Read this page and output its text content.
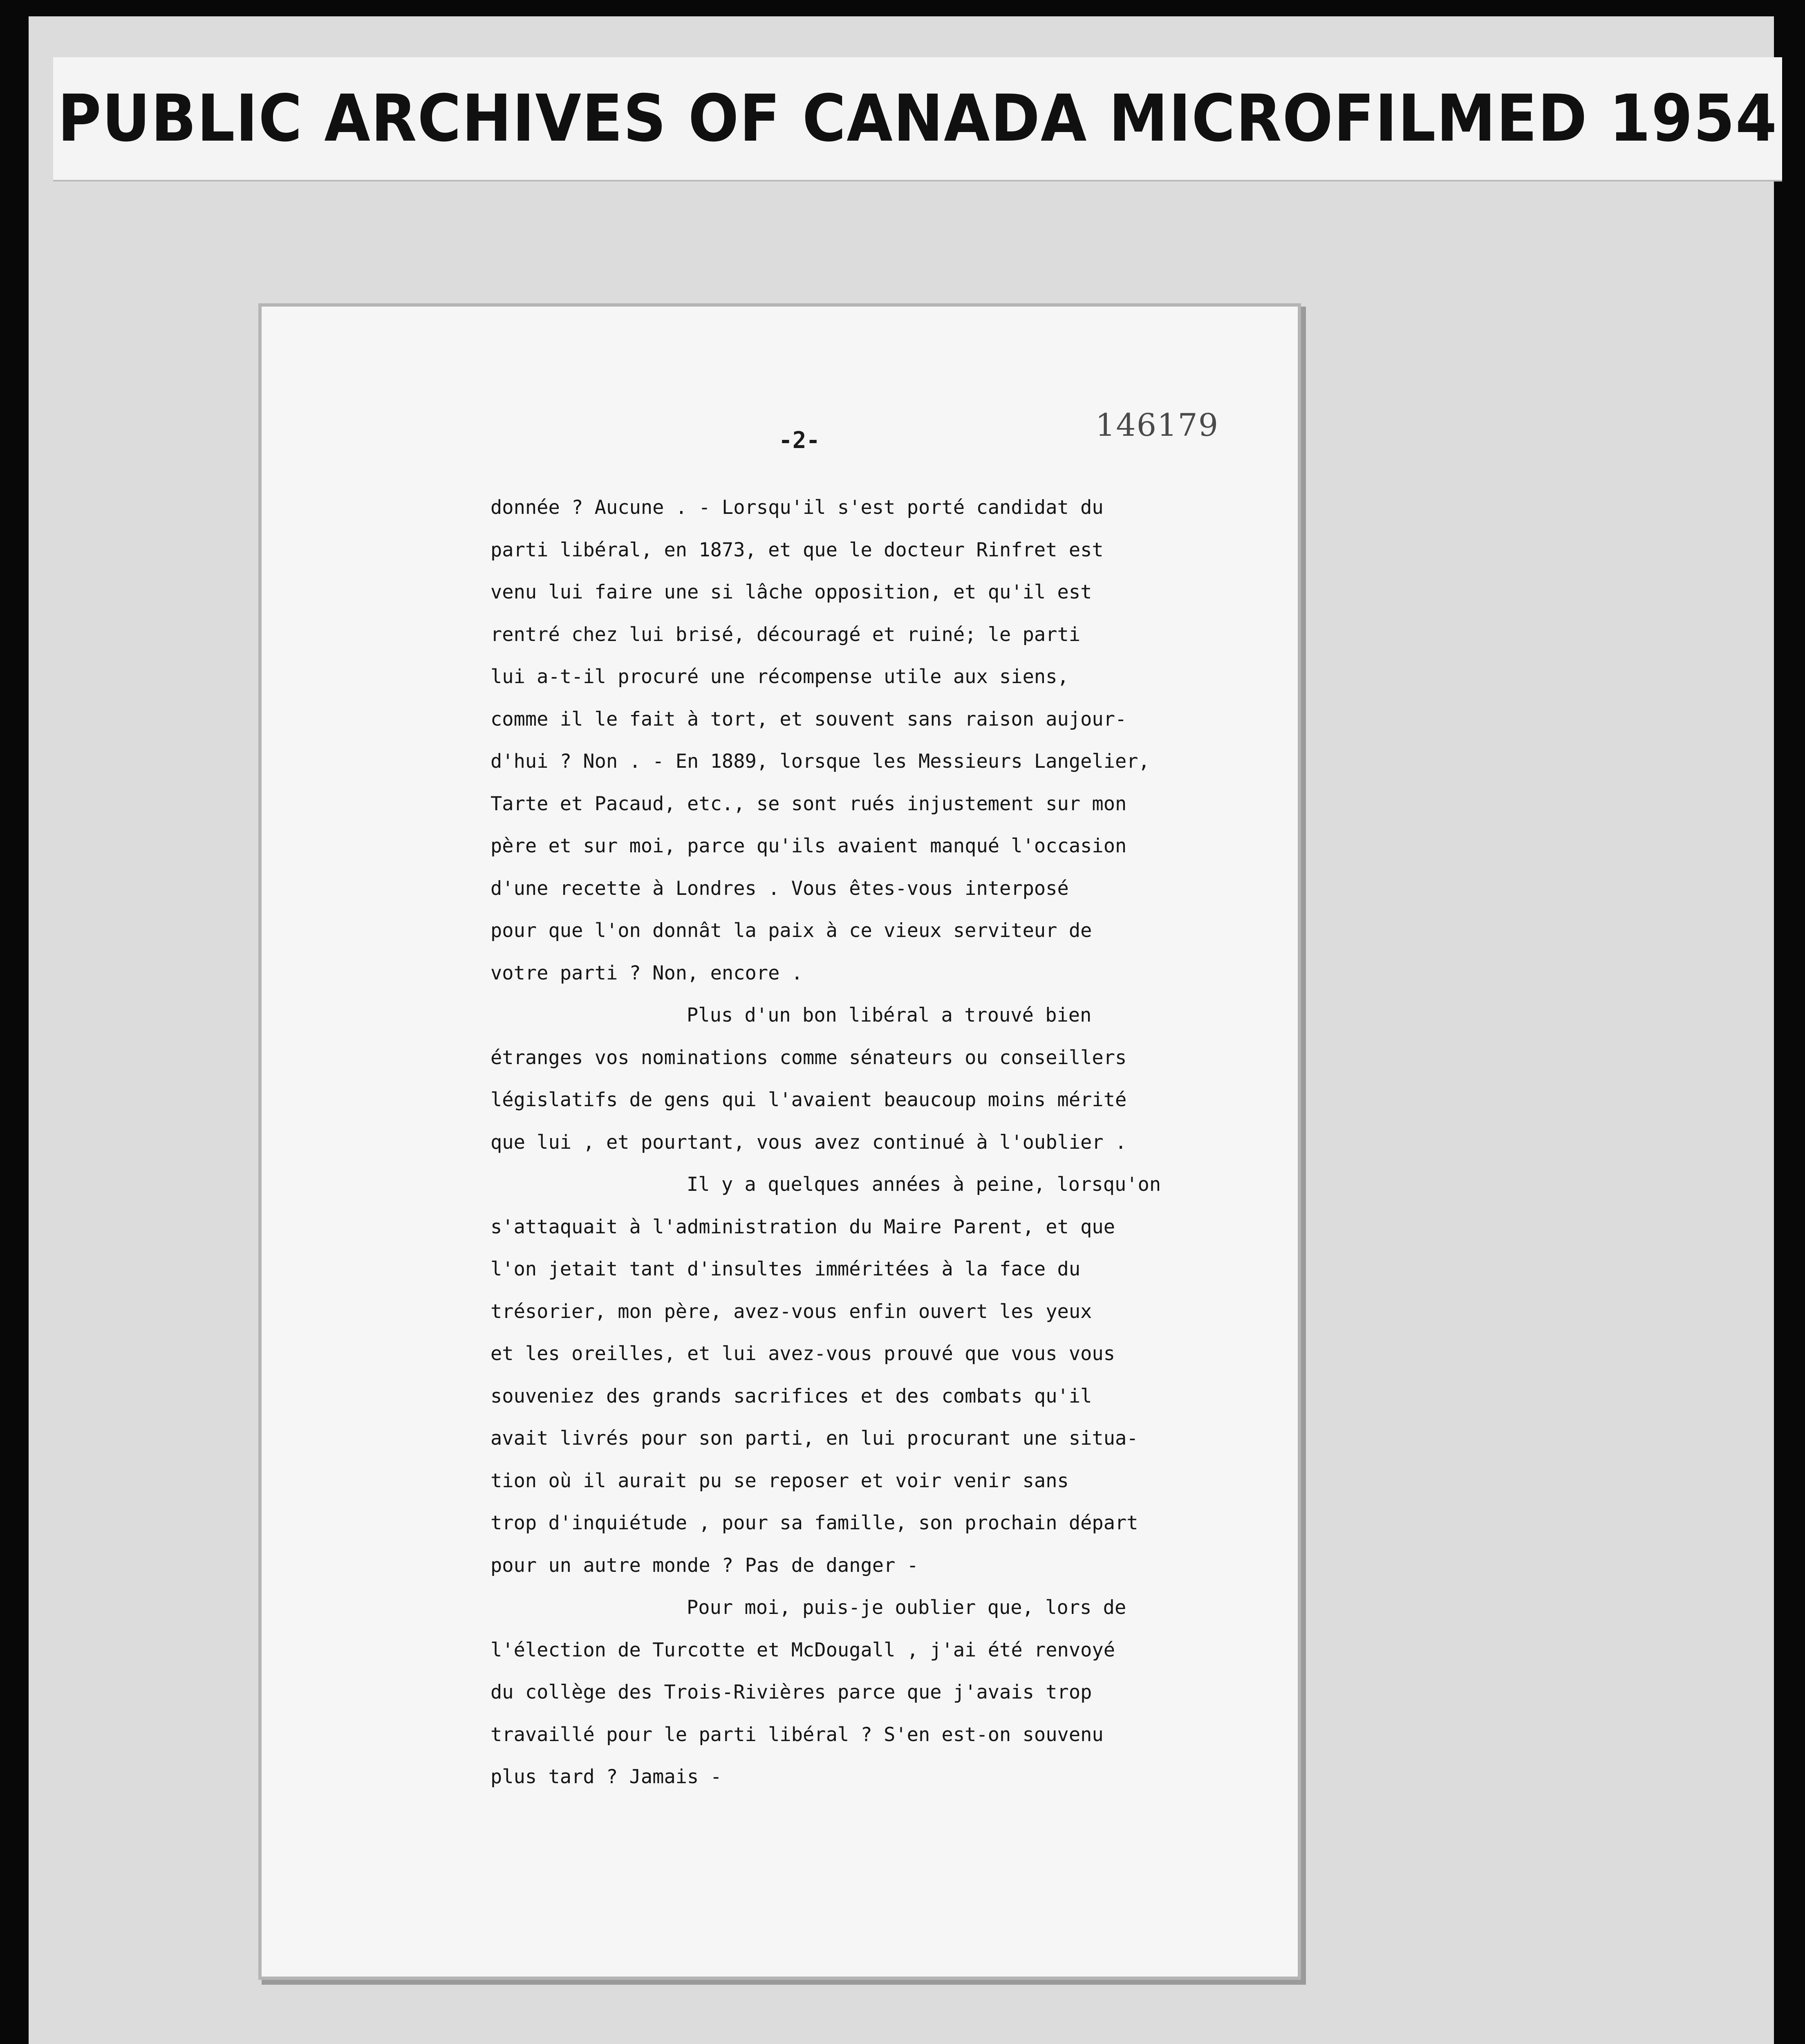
PUBLIC ARCHIVES OF CANADA MICROFILMED 1954
-2-	146179
donnée ? Aucune . - Lorsqu'il s'est porté candidat du
parti libéral, en 1873, et que le docteur Rinfret est
venu lui faire une si lâche opposition, et qu'il est
rentré chez lui brisé, découragé et ruiné; le parti
lui a-t-il procuré une récompense utile aux siens,
comme il le fait à tort, et souvent sans raison aujour-
d'hui ? Non . - En 1889, lorsque les Messieurs Langelier,
Tarte et Pacaud, etc., se sont rués injustement sur mon
père et sur moi, parce qu'ils avaient manqué l'occasion
d'une recette à Londres . Vous êtes-vous interposé
pour que l'on donnât la paix à ce vieux serviteur de
votre parti ? Non, encore .
Plus d'un bon libéral a trouvé bien
étranges vos nominations comme sénateurs ou conseillers
législatifs de gens qui l'avaient beaucoup moins mérité
que lui , et pourtant, vous avez continué à l'oublier .
Il y a quelques années à peine, lorsqu'on
s'attaquait à l'administration du Maire Parent, et que
l'on jetait tant d'insultes imméritées à la face du
trésorier, mon père, avez-vous enfin ouvert les yeux
et les oreilles, et lui avez-vous prouvé que vous vous
souveniez des grands sacrifices et des combats qu'il
avait livrés pour son parti, en lui procurant une situa-
tion où il aurait pu se reposer et voir venir sans
trop d'inquiétude , pour sa famille, son prochain départ
pour un autre monde ? Pas de danger -
Pour moi, puis-je oublier que, lors de
l'élection de Turcotte et McDougall , j'ai été renvoyé
du collège des Trois-Rivières parce que j'avais trop
travaillé pour le parti libéral ? S'en est-on souvenu
plus tard ? Jamais -
